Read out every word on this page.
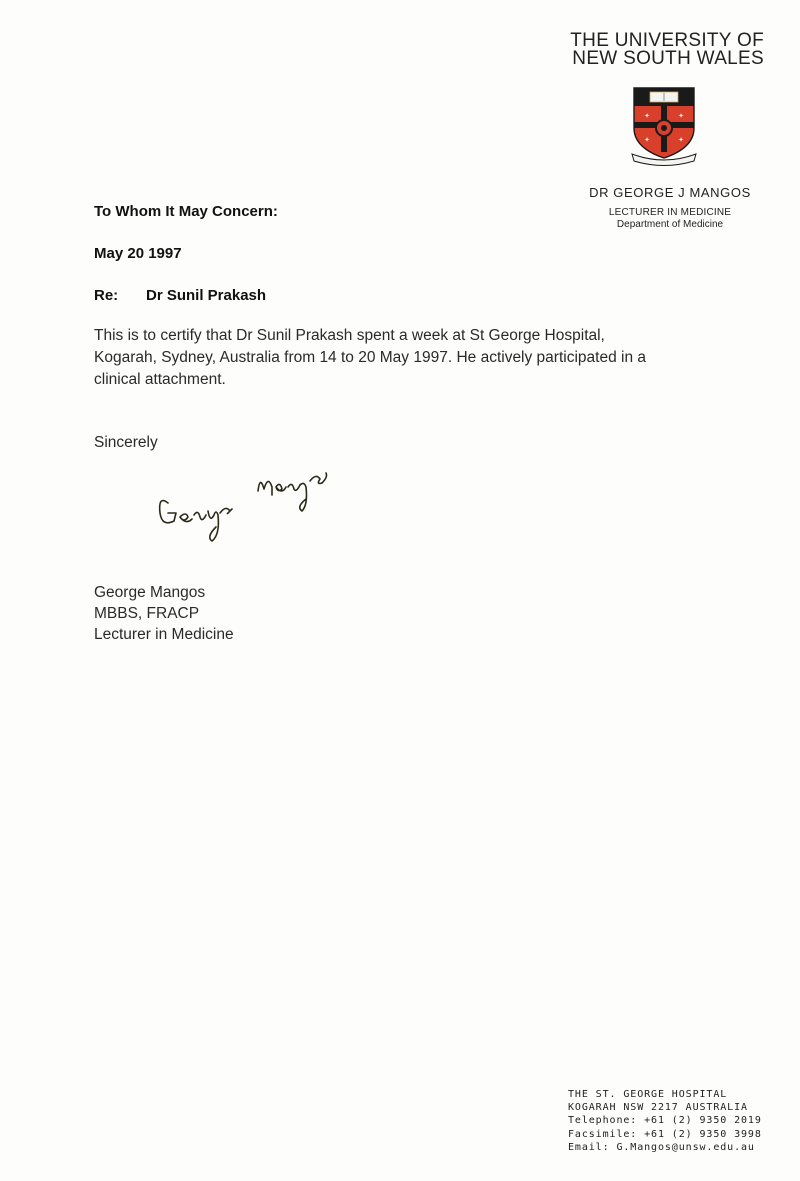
THE UNIVERSITY OF
NEW SOUTH WALES
✦	✦
✦	✦
DR GEORGE J MANGOS
LECTURER IN MEDICINE
Department of Medicine
To Whom It May Concern:
May 20 1997
Re:	Dr Sunil Prakash
This is to certify that Dr Sunil Prakash spent a week at St George Hospital,
Kogarah, Sydney, Australia from 14 to 20 May 1997. He actively participated in a
clinical attachment.
Sincerely
George Mangos
MBBS, FRACP
Lecturer in Medicine
THE ST. GEORGE HOSPITAL
KOGARAH NSW 2217 AUSTRALIA
Telephone: +61 (2) 9350 2019
Facsimile: +61 (2) 9350 3998
Email: G.Mangos@unsw.edu.au
